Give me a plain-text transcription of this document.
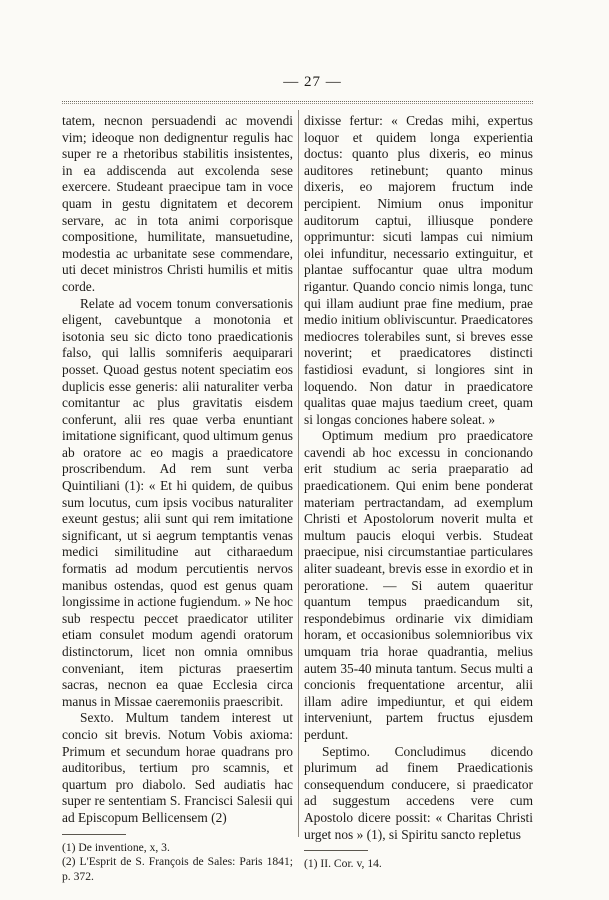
— 27 —

tatem, necnon persuadendi ac movendi vim; ideoque non dedignentur regulis hac super re a rhetoribus stabilitis insistentes, in ea addiscenda aut excolenda sese exercere. Studeant praecipue tam in voce quam in gestu dignitatem et decorem servare, ac in tota animi corporisque compositione, humilitate, mansuetudine, modestia ac urbanitate sese commendare, uti decet ministros Christi humilis et mitis corde.

Relate ad vocem tonum conversationis eligent, cavebuntque a monotonia et isotonia seu sic dicto tono praedicationis falso, qui lallis somniferis aequiparari posset. Quoad gestus notent speciatim eos duplicis esse generis: alii naturaliter verba comitantur ac plus gravitatis eisdem conferunt, alii res quae verba enuntiant imitatione significant, quod ultimum genus ab oratore ac eo magis a praedicatore proscribendum. Ad rem sunt verba Quintiliani (1): « Et hi quidem, de quibus sum locutus, cum ipsis vocibus naturaliter exeunt gestus; alii sunt qui rem imitatione significant, ut si aegrum temptantis venas medici similitudine aut citharaedum formatis ad modum percutientis nervos manibus ostendas, quod est genus quam longissime in actione fugiendum. » Ne hoc sub respectu peccet praedicator utiliter etiam consulet modum agendi oratorum distinctorum, licet non omnia omnibus conveniant, item picturas praesertim sacras, necnon ea quae Ecclesia circa manus in Missae caeremoniis praescribit.

Sexto. Multum tandem interest ut concio sit brevis. Notum Vobis axioma: Primum et secundum horae quadrans pro auditoribus, tertium pro scamnis, et quartum pro diabolo. Sed audiatis hac super re sententiam S. Francisci Salesii qui ad Episcopum Bellicensem (2)

(1) De inventione, x, 3.

(2) L'Esprit de S. François de Sales: Paris 1841; p. 372.

dixisse fertur: « Credas mihi, expertus loquor et quidem longa experientia doctus: quanto plus dixeris, eo minus auditores retinebunt; quanto minus dixeris, eo majorem fructum inde percipient. Nimium onus imponitur auditorum captui, illiusque pondere opprimuntur: sicuti lampas cui nimium olei infunditur, necessario extinguitur, et plantae suffocantur quae ultra modum rigantur. Quando concio nimis longa, tunc qui illam audiunt prae fine medium, prae medio initium obliviscuntur. Praedicatores mediocres tolerabiles sunt, si breves esse noverint; et praedicatores distincti fastidiosi evadunt, si longiores sint in loquendo. Non datur in praedicatore qualitas quae majus taedium creet, quam si longas conciones habere soleat. »

Optimum medium pro praedicatore cavendi ab hoc excessu in concionando erit studium ac seria praeparatio ad praedicationem. Qui enim bene ponderat materiam pertractandam, ad exemplum Christi et Apostolorum noverit multa et multum paucis eloqui verbis. Studeat praecipue, nisi circumstantiae particulares aliter suadeant, brevis esse in exordio et in peroratione. — Si autem quaeritur quantum tempus praedicandum sit, respondebimus ordinarie vix dimidiam horam, et occasionibus solemnioribus vix umquam tria horae quadrantia, melius autem 35-40 minuta tantum. Secus multi a concionis frequentatione arcentur, alii illam adire impediuntur, et qui eidem interveniunt, partem fructus ejusdem perdunt.

Septimo. Concludimus dicendo plurimum ad finem Praedicationis consequendum conducere, si praedicator ad suggestum accedens vere cum Apostolo dicere possit: « Charitas Christi urget nos » (1), si Spiritu sancto repletus

(1) II. Cor. v, 14.
